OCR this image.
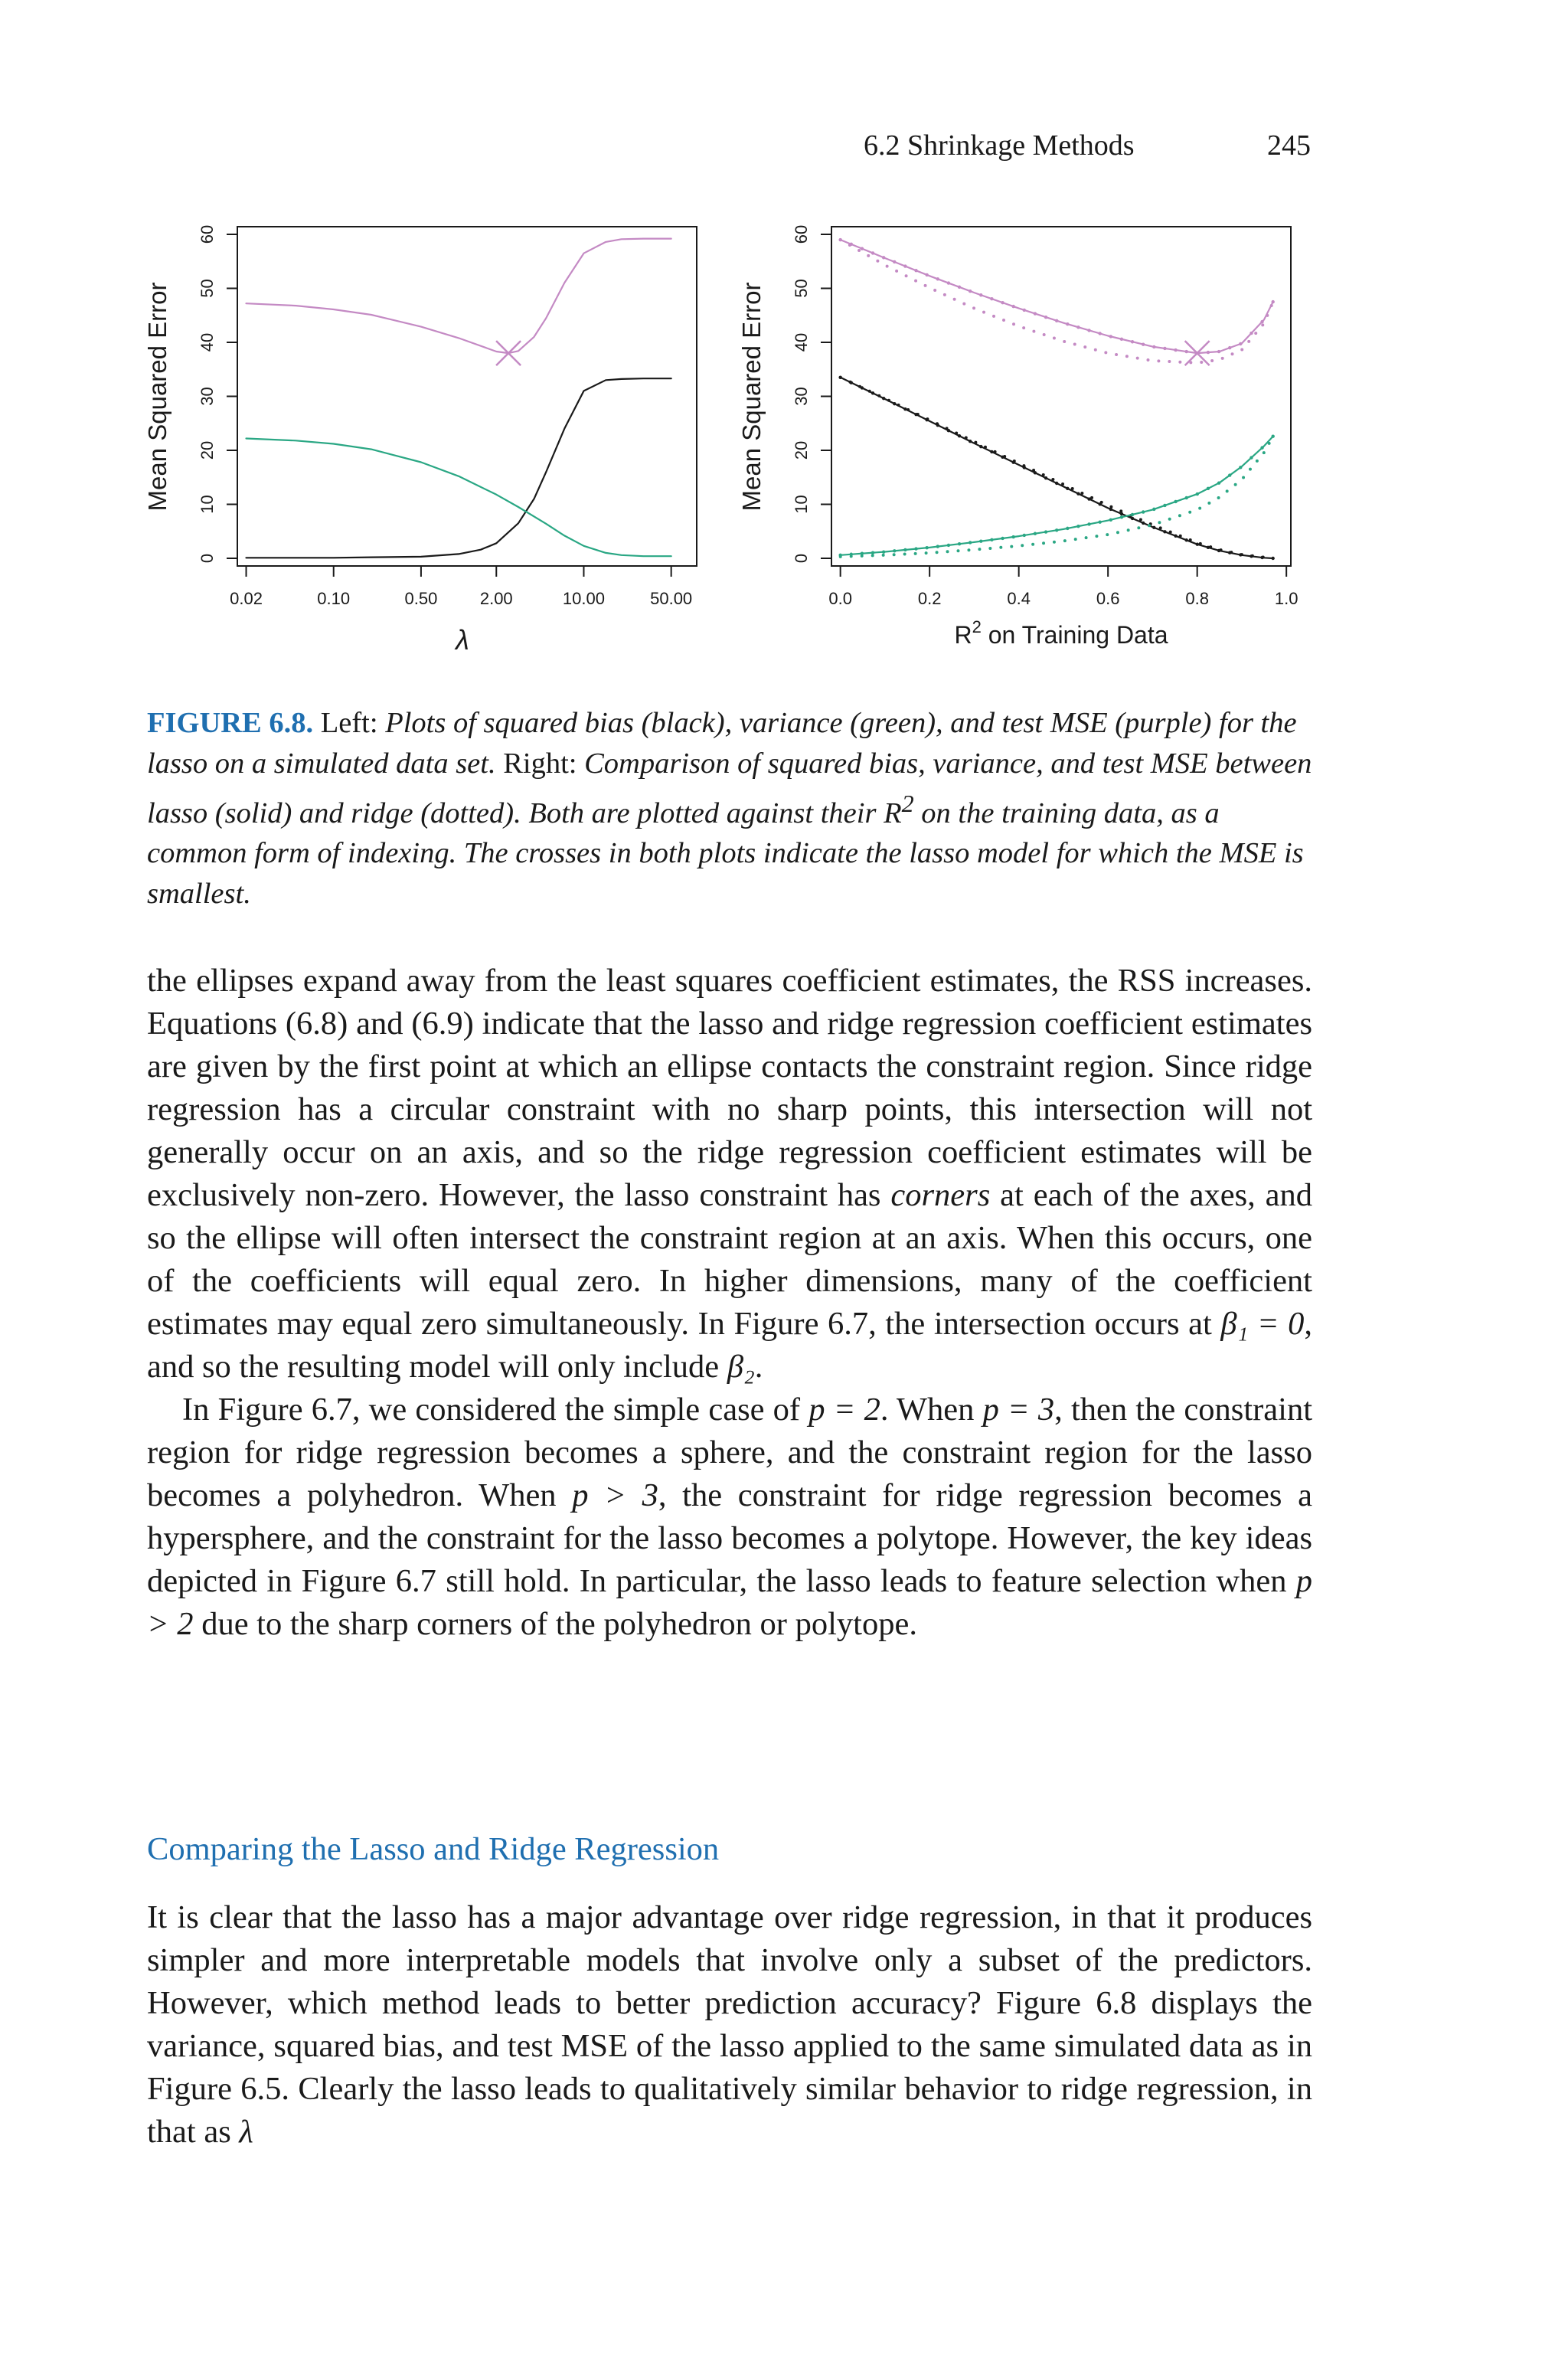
6.2 Shrinkage Methods	245
0.02	0.10	0.50	2.00	10.00	50.00
0
10
20
30
40
50
60
Mean Squared Error
λ
0.0	0.2	0.4	0.6	0.8	1.0
0
10
20
30
40
50
60
Mean Squared Error
$R^2$ on Training Data
FIGURE 6.8. Left: Plots of squared bias (black), variance (green), and test MSE (purple) for the lasso on a simulated data set. Right: Comparison of squared bias, variance, and test MSE between lasso (solid) and ridge (dotted). Both are plotted against their $R^2$ on the training data, as a common form of indexing. The crosses in both plots indicate the lasso model for which the MSE is smallest.

the ellipses expand away from the least squares coefficient estimates, the RSS increases. Equations (6.8) and (6.9) indicate that the lasso and ridge regression coefficient estimates are given by the first point at which an ellipse contacts the constraint region. Since ridge regression has a circular constraint with no sharp points, this intersection will not generally occur on an axis, and so the ridge regression coefficient estimates will be exclusively non-zero. However, the lasso constraint has corners at each of the axes, and so the ellipse will often intersect the constraint region at an axis. When this occurs, one of the coefficients will equal zero. In higher dimensions, many of the coefficient estimates may equal zero simultaneously. In Figure 6.7, the intersection occurs at β₁ = 0, and so the resulting model will only include β₂.

In Figure 6.7, we considered the simple case of p = 2. When p = 3, then the constraint region for ridge regression becomes a sphere, and the constraint region for the lasso becomes a polyhedron. When p > 3, the constraint for ridge regression becomes a hypersphere, and the constraint for the lasso becomes a polytope. However, the key ideas depicted in Figure 6.7 still hold. In particular, the lasso leads to feature selection when p > 2 due to the sharp corners of the polyhedron or polytope.

Comparing the Lasso and Ridge Regression

It is clear that the lasso has a major advantage over ridge regression, in that it produces simpler and more interpretable models that involve only a subset of the predictors. However, which method leads to better prediction accuracy? Figure 6.8 displays the variance, squared bias, and test MSE of the lasso applied to the same simulated data as in Figure 6.5. Clearly the lasso leads to qualitatively similar behavior to ridge regression, in that as λ
